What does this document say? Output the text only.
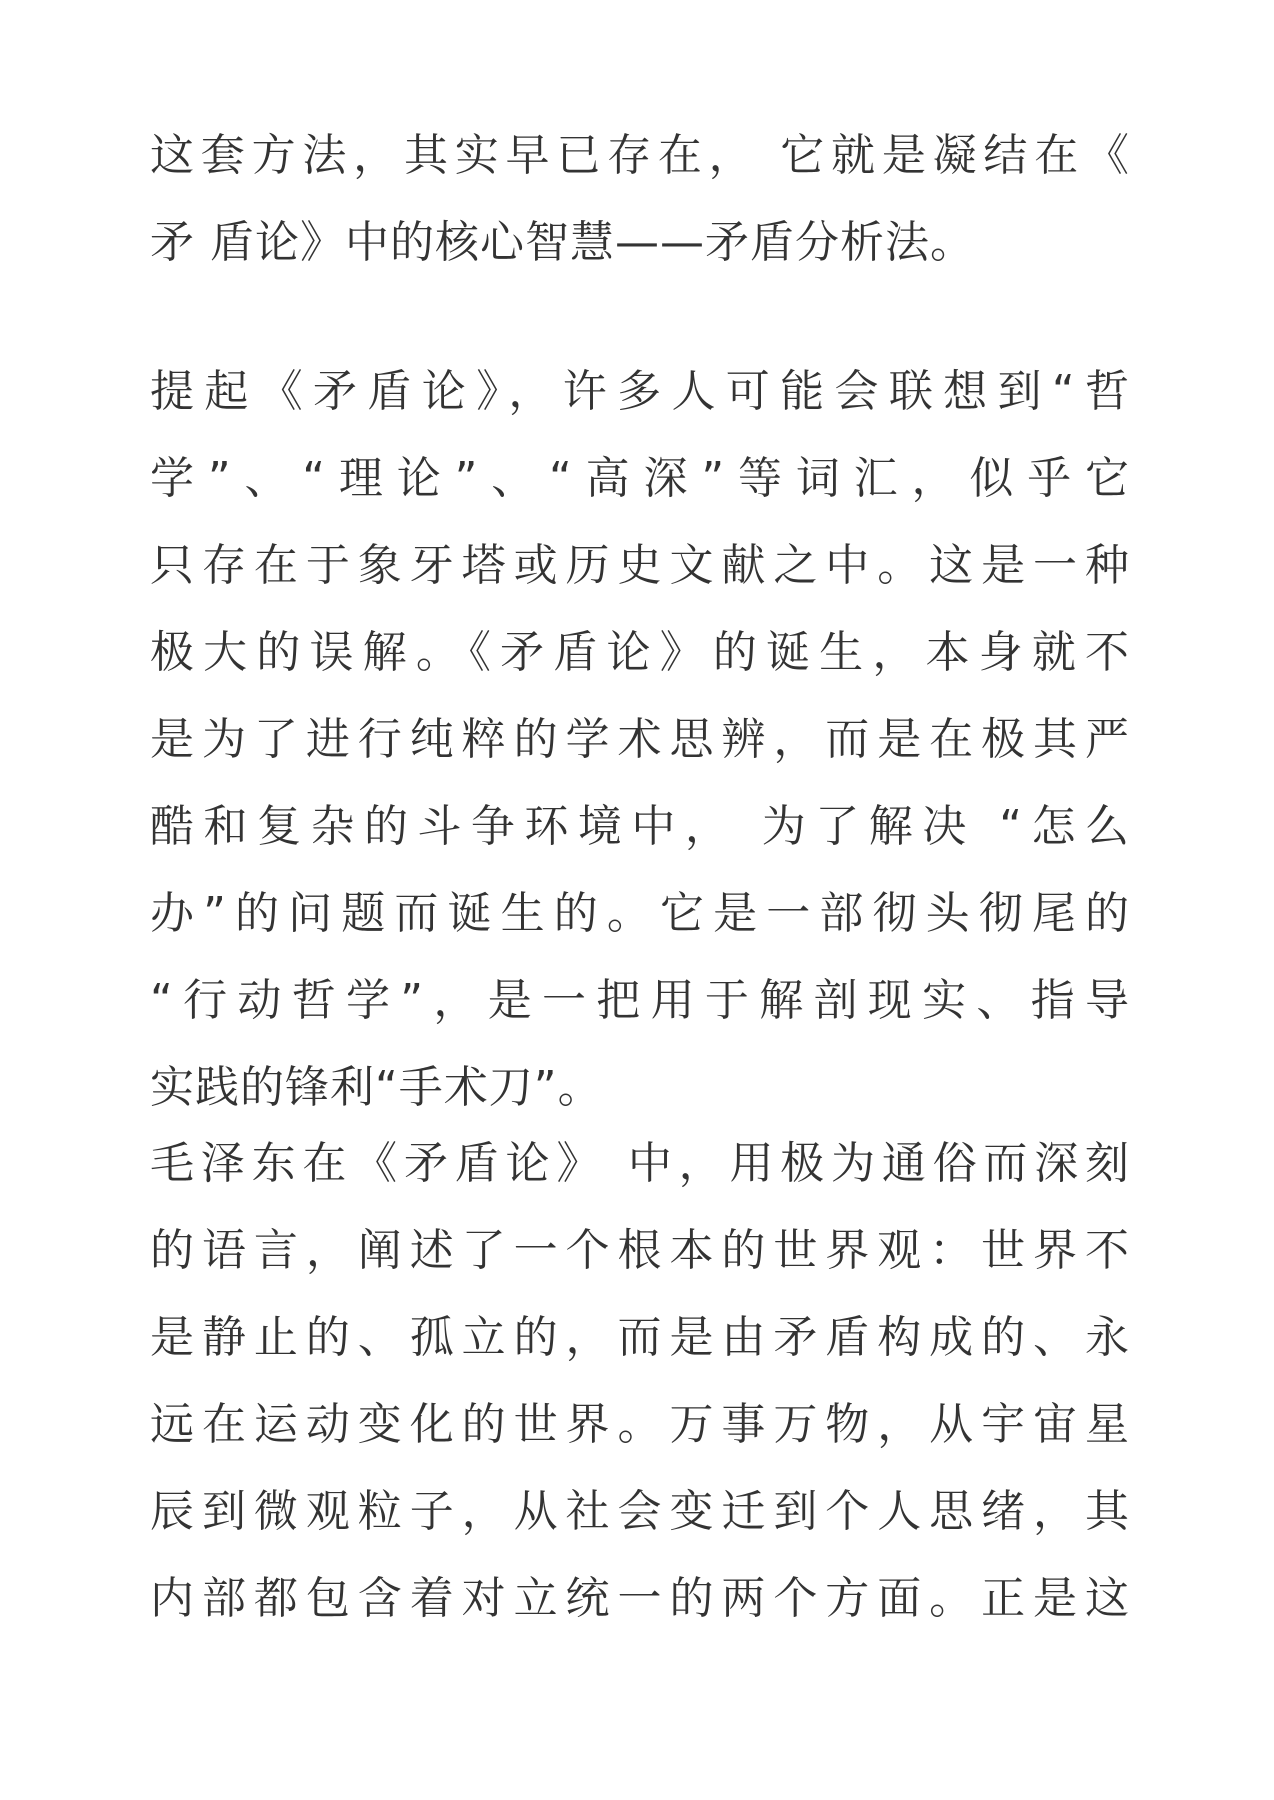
这套方法，其实早已存在， 它就是凝结在《
矛 盾论》中的核心智慧——矛盾分析法。
提起《矛盾论》，许多人可能会联想到“哲
学”、“理论”、“高深”等词汇，似乎它
只存在于象牙塔或历史文献之中。这是一种
极大的误解。《矛盾论》的诞生，本身就不
是为了进行纯粹的学术思辨，而是在极其严
酷和复杂的斗争环境中， 为了解决 “怎么
办”的问题而诞生的。它是一部彻头彻尾的
“行动哲学”，是一把用于解剖现实、指导
实践的锋利“手术刀”。
毛泽东在《矛盾论》 中，用极为通俗而深刻
的语言，阐述了一个根本的世界观：世界不
是静止的、孤立的，而是由矛盾构成的、永
远在运动变化的世界。万事万物，从宇宙星
辰到微观粒子，从社会变迁到个人思绪，其
内部都包含着对立统一的两个方面。正是这
